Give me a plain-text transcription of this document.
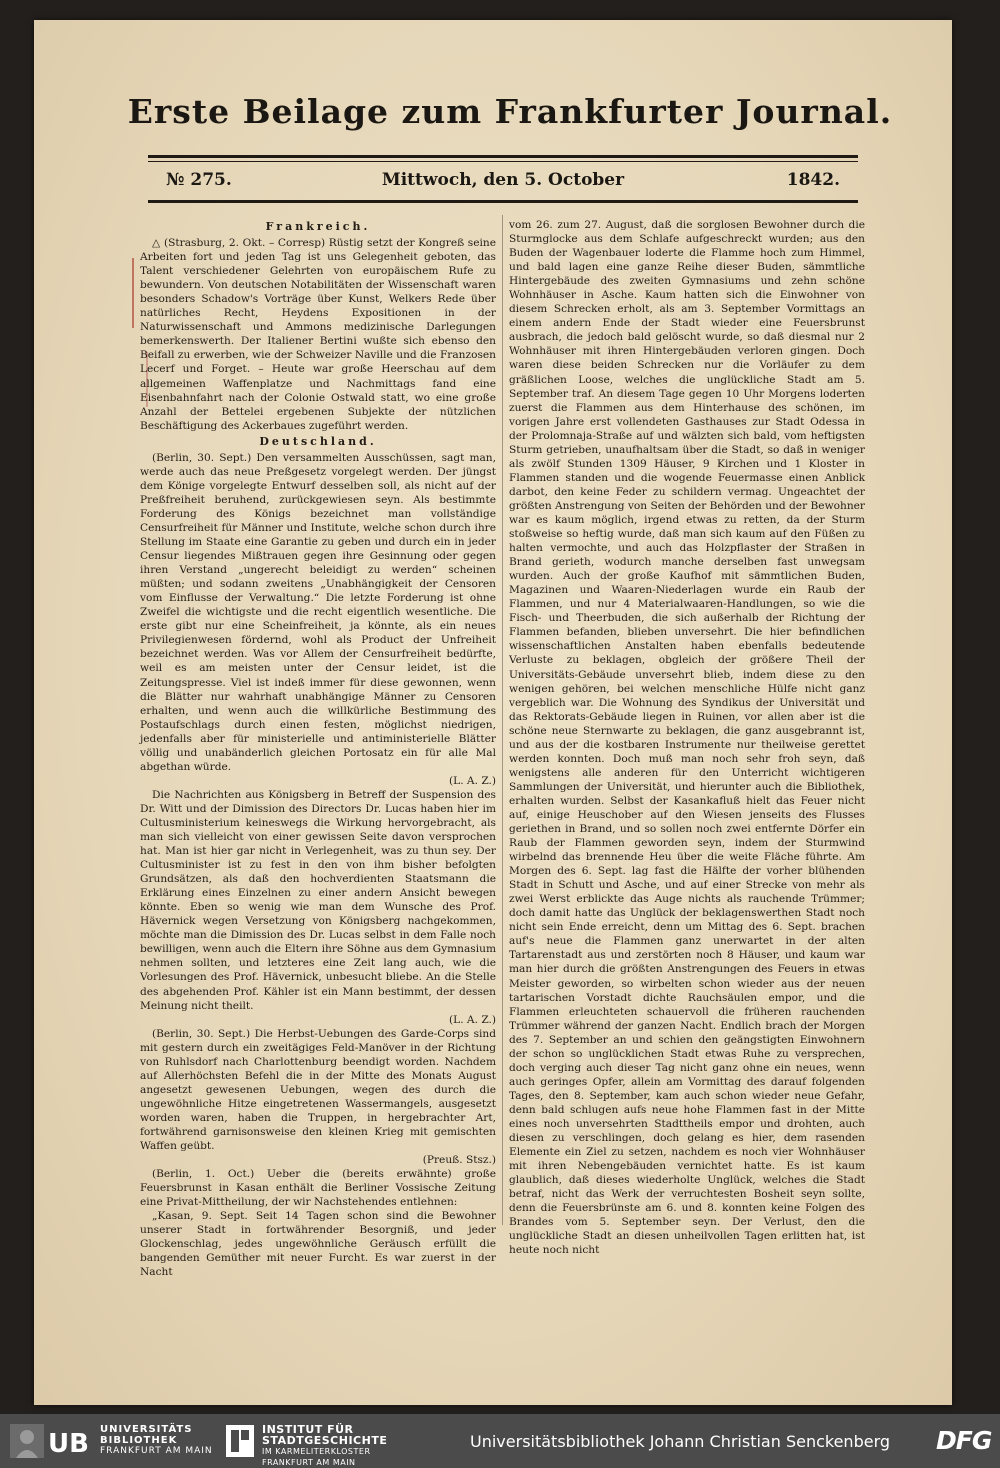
Erste Beilage zum Frankfurter Journal.
Mittwoch, den 5. October
№ 275.	1842.
Frankreich.

△ (Strasburg, 2. Okt. – Corresp) Rüstig setzt der Kongreß seine Arbeiten fort und jeden Tag ist uns Gelegenheit geboten, das Talent verschiedener Gelehrten von europäischem Rufe zu bewundern. Von deutschen Notabilitäten der Wissenschaft waren besonders Schadow's Vorträge über Kunst, Welkers Rede über natürliches Recht, Heydens Expositionen in der Naturwissenschaft und Ammons medizinische Darlegungen bemerkenswerth. Der Italiener Bertini wußte sich ebenso den Beifall zu erwerben, wie der Schweizer Naville und die Franzosen Lecerf und Forget. – Heute war große Heerschau auf dem allgemeinen Waffenplatze und Nachmittags fand eine Eisenbahnfahrt nach der Colonie Ostwald statt, wo eine große Anzahl der Bettelei ergebenen Subjekte der nützlichen Beschäftigung des Ackerbaues zugeführt werden.

Deutschland.

(Berlin, 30. Sept.) Den versammelten Ausschüssen, sagt man, werde auch das neue Preßgesetz vorgelegt werden. Der jüngst dem Könige vorgelegte Entwurf desselben soll, als nicht auf der Preßfreiheit beruhend, zurückgewiesen seyn. Als bestimmte Forderung des Königs bezeichnet man vollständige Censurfreiheit für Männer und Institute, welche schon durch ihre Stellung im Staate eine Garantie zu geben und durch ein in jeder Censur liegendes Mißtrauen gegen ihre Gesinnung oder gegen ihren Verstand „ungerecht beleidigt zu werden“ scheinen müßten; und sodann zweitens „Unabhängigkeit der Censoren vom Einflusse der Verwaltung.“ Die letzte Forderung ist ohne Zweifel die wichtigste und die recht eigentlich wesentliche. Die erste gibt nur eine Scheinfreiheit, ja könnte, als ein neues Privilegienwesen fördernd, wohl als Product der Unfreiheit bezeichnet werden. Was vor Allem der Censurfreiheit bedürfte, weil es am meisten unter der Censur leidet, ist die Zeitungspresse. Viel ist indeß immer für diese gewonnen, wenn die Blätter nur wahrhaft unabhängige Männer zu Censoren erhalten, und wenn auch die willkürliche Bestimmung des Postaufschlags durch einen festen, möglichst niedrigen, jedenfalls aber für ministerielle und antiministerielle Blätter völlig und unabänderlich gleichen Portosatz ein für alle Mal abgethan würde.

(L. A. Z.)

Die Nachrichten aus Königsberg in Betreff der Suspension des Dr. Witt und der Dimission des Directors Dr. Lucas haben hier im Cultusministerium keineswegs die Wirkung hervorgebracht, als man sich vielleicht von einer gewissen Seite davon versprochen hat. Man ist hier gar nicht in Verlegenheit, was zu thun sey. Der Cultusminister ist zu fest in den von ihm bisher befolgten Grundsätzen, als daß den hochverdienten Staatsmann die Erklärung eines Einzelnen zu einer andern Ansicht bewegen könnte. Eben so wenig wie man dem Wunsche des Prof. Hävernick wegen Versetzung von Königsberg nachgekommen, möchte man die Dimission des Dr. Lucas selbst in dem Falle noch bewilligen, wenn auch die Eltern ihre Söhne aus dem Gymnasium nehmen sollten, und letzteres eine Zeit lang auch, wie die Vorlesungen des Prof. Hävernick, unbesucht bliebe. An die Stelle des abgehenden Prof. Kähler ist ein Mann bestimmt, der dessen Meinung nicht theilt.

(L. A. Z.)

(Berlin, 30. Sept.) Die Herbst-Uebungen des Garde-Corps sind mit gestern durch ein zweitägiges Feld-Manöver in der Richtung von Ruhlsdorf nach Charlottenburg beendigt worden. Nachdem auf Allerhöchsten Befehl die in der Mitte des Monats August angesetzt gewesenen Uebungen, wegen des durch die ungewöhnliche Hitze eingetretenen Wassermangels, ausgesetzt worden waren, haben die Truppen, in hergebrachter Art, fortwährend garnisonsweise den kleinen Krieg mit gemischten Waffen geübt.

(Preuß. Stsz.)

(Berlin, 1. Oct.) Ueber die (bereits erwähnte) große Feuersbrunst in Kasan enthält die Berliner Vossische Zeitung eine Privat-Mittheilung, der wir Nachstehendes entlehnen:

„Kasan, 9. Sept. Seit 14 Tagen schon sind die Bewohner unserer Stadt in fortwährender Besorgniß, und jeder Glockenschlag, jedes ungewöhnliche Geräusch erfüllt die bangenden Gemüther mit neuer Furcht. Es war zuerst in der Nacht

vom 26. zum 27. August, daß die sorglosen Bewohner durch die Sturmglocke aus dem Schlafe aufgeschreckt wurden; aus den Buden der Wagenbauer loderte die Flamme hoch zum Himmel, und bald lagen eine ganze Reihe dieser Buden, sämmtliche Hintergebäude des zweiten Gymnasiums und zehn schöne Wohnhäuser in Asche. Kaum hatten sich die Einwohner von diesem Schrecken erholt, als am 3. September Vormittags an einem andern Ende der Stadt wieder eine Feuersbrunst ausbrach, die jedoch bald gelöscht wurde, so daß diesmal nur 2 Wohnhäuser mit ihren Hintergebäuden verloren gingen. Doch waren diese beiden Schrecken nur die Vorläufer zu dem gräßlichen Loose, welches die unglückliche Stadt am 5. September traf. An diesem Tage gegen 10 Uhr Morgens loderten zuerst die Flammen aus dem Hinterhause des schönen, im vorigen Jahre erst vollendeten Gasthauses zur Stadt Odessa in der Prolomnaja-Straße auf und wälzten sich bald, vom heftigsten Sturm getrieben, unaufhaltsam über die Stadt, so daß in weniger als zwölf Stunden 1309 Häuser, 9 Kirchen und 1 Kloster in Flammen standen und die wogende Feuermasse einen Anblick darbot, den keine Feder zu schildern vermag. Ungeachtet der größten Anstrengung von Seiten der Behörden und der Bewohner war es kaum möglich, irgend etwas zu retten, da der Sturm stoßweise so heftig wurde, daß man sich kaum auf den Füßen zu halten vermochte, und auch das Holzpflaster der Straßen in Brand gerieth, wodurch manche derselben fast unwegsam wurden. Auch der große Kaufhof mit sämmtlichen Buden, Magazinen und Waaren-Niederlagen wurde ein Raub der Flammen, und nur 4 Materialwaaren-Handlungen, so wie die Fisch- und Theerbuden, die sich außerhalb der Richtung der Flammen befanden, blieben unversehrt. Die hier befindlichen wissenschaftlichen Anstalten haben ebenfalls bedeutende Verluste zu beklagen, obgleich der größere Theil der Universitäts-Gebäude unversehrt blieb, indem diese zu den wenigen gehören, bei welchen menschliche Hülfe nicht ganz vergeblich war. Die Wohnung des Syndikus der Universität und das Rektorats-Gebäude liegen in Ruinen, vor allen aber ist die schöne neue Sternwarte zu beklagen, die ganz ausgebrannt ist, und aus der die kostbaren Instrumente nur theilweise gerettet werden konnten. Doch muß man noch sehr froh seyn, daß wenigstens alle anderen für den Unterricht wichtigeren Sammlungen der Universität, und hierunter auch die Bibliothek, erhalten wurden. Selbst der Kasankafluß hielt das Feuer nicht auf, einige Heuschober auf den Wiesen jenseits des Flusses geriethen in Brand, und so sollen noch zwei entfernte Dörfer ein Raub der Flammen geworden seyn, indem der Sturmwind wirbelnd das brennende Heu über die weite Fläche führte. Am Morgen des 6. Sept. lag fast die Hälfte der vorher blühenden Stadt in Schutt und Asche, und auf einer Strecke von mehr als zwei Werst erblickte das Auge nichts als rauchende Trümmer; doch damit hatte das Unglück der beklagenswerthen Stadt noch nicht sein Ende erreicht, denn um Mittag des 6. Sept. brachen auf's neue die Flammen ganz unerwartet in der alten Tartarenstadt aus und zerstörten noch 8 Häuser, und kaum war man hier durch die größten Anstrengungen des Feuers in etwas Meister geworden, so wirbelten schon wieder aus der neuen tartarischen Vorstadt dichte Rauchsäulen empor, und die Flammen erleuchteten schauervoll die früheren rauchenden Trümmer während der ganzen Nacht. Endlich brach der Morgen des 7. September an und schien den geängstigten Einwohnern der schon so unglücklichen Stadt etwas Ruhe zu versprechen, doch verging auch dieser Tag nicht ganz ohne ein neues, wenn auch geringes Opfer, allein am Vormittag des darauf folgenden Tages, den 8. September, kam auch schon wieder neue Gefahr, denn bald schlugen aufs neue hohe Flammen fast in der Mitte eines noch unversehrten Stadttheils empor und drohten, auch diesen zu verschlingen, doch gelang es hier, dem rasenden Elemente ein Ziel zu setzen, nachdem es noch vier Wohnhäuser mit ihren Nebengebäuden vernichtet hatte. Es ist kaum glaublich, daß dieses wiederholte Unglück, welches die Stadt betraf, nicht das Werk der verruchtesten Bosheit seyn sollte, denn die Feuersbrünste am 6. und 8. konnten keine Folgen des Brandes vom 5. September seyn. Der Verlust, den die unglückliche Stadt an diesen unheilvollen Tagen erlitten hat, ist heute noch nicht

UB UNIVERSITÄTS
BIBLIOTHEK
FRANKFURT AM MAIN
INSTITUT FÜR
STADTGESCHICHTE
IM KARMELITERKLOSTER
FRANKFURT AM MAIN
Universitätsbibliothek Johann Christian Senckenberg DFG
